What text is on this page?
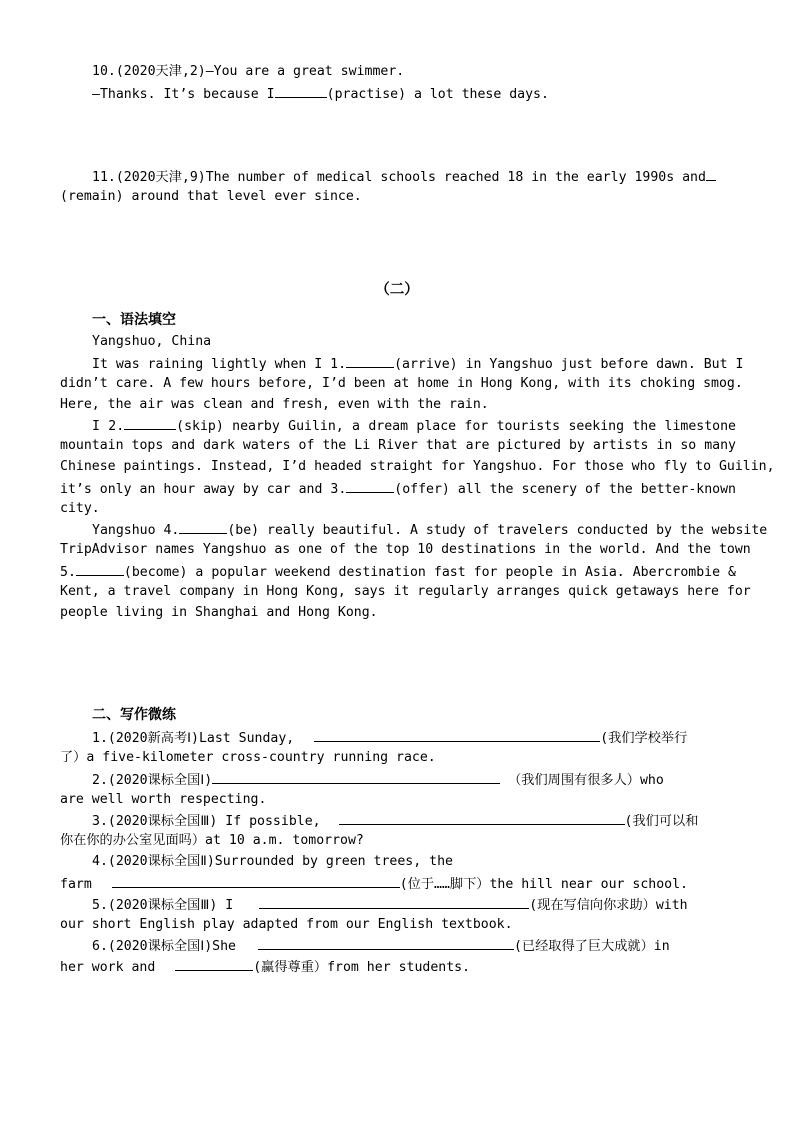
10.(2020天津,2)—You are a great swimmer.
—Thanks. It’s because I	(practise) a lot these days.
11.(2020天津,9)The number of medical schools reached 18 in the early 1990s and
(remain) around that level ever since.
（二）
一、语法填空
Yangshuo, China
It was raining lightly when I 1.	(arrive) in Yangshuo just before dawn. But I
didn’t care. A few hours before, I’d been at home in Hong Kong, with its choking smog.
Here, the air was clean and fresh, even with the rain.
I 2.	(skip) nearby Guilin, a dream place for tourists seeking the limestone
mountain tops and dark waters of the Li River that are pictured by artists in so many
Chinese paintings. Instead, I’d headed straight for Yangshuo. For those who fly to Guilin,
it’s only an hour away by car and 3.	(offer) all the scenery of the better-known
city.
Yangshuo 4.	(be) really beautiful. A study of travelers conducted by the website
TripAdvisor names Yangshuo as one of the top 10 destinations in the world. And the town
5.	(become) a popular weekend destination fast for people in Asia. Abercrombie &
Kent, a travel company in Hong Kong, says it regularly arranges quick getaways here for
people living in Shanghai and Hong Kong.
二、写作微练
1.(2020新高考Ⅰ)Last Sunday,	(我们学校举行
了）a five-kilometer cross-country running race.
2.(2020课标全国Ⅰ)	（我们周围有很多人）who
are well worth respecting.
3.(2020课标全国Ⅲ) If possible,	(我们可以和
你在你的办公室见面吗）at 10 a.m. tomorrow?
4.(2020课标全国Ⅱ)Surrounded by green trees, the
farm	(位于……脚下）the hill near our school.
5.(2020课标全国Ⅲ) I	(现在写信向你求助）with
our short English play adapted from our English textbook.
6.(2020课标全国Ⅰ)She	(已经取得了巨大成就）in
her work and	(赢得尊重）from her students.
